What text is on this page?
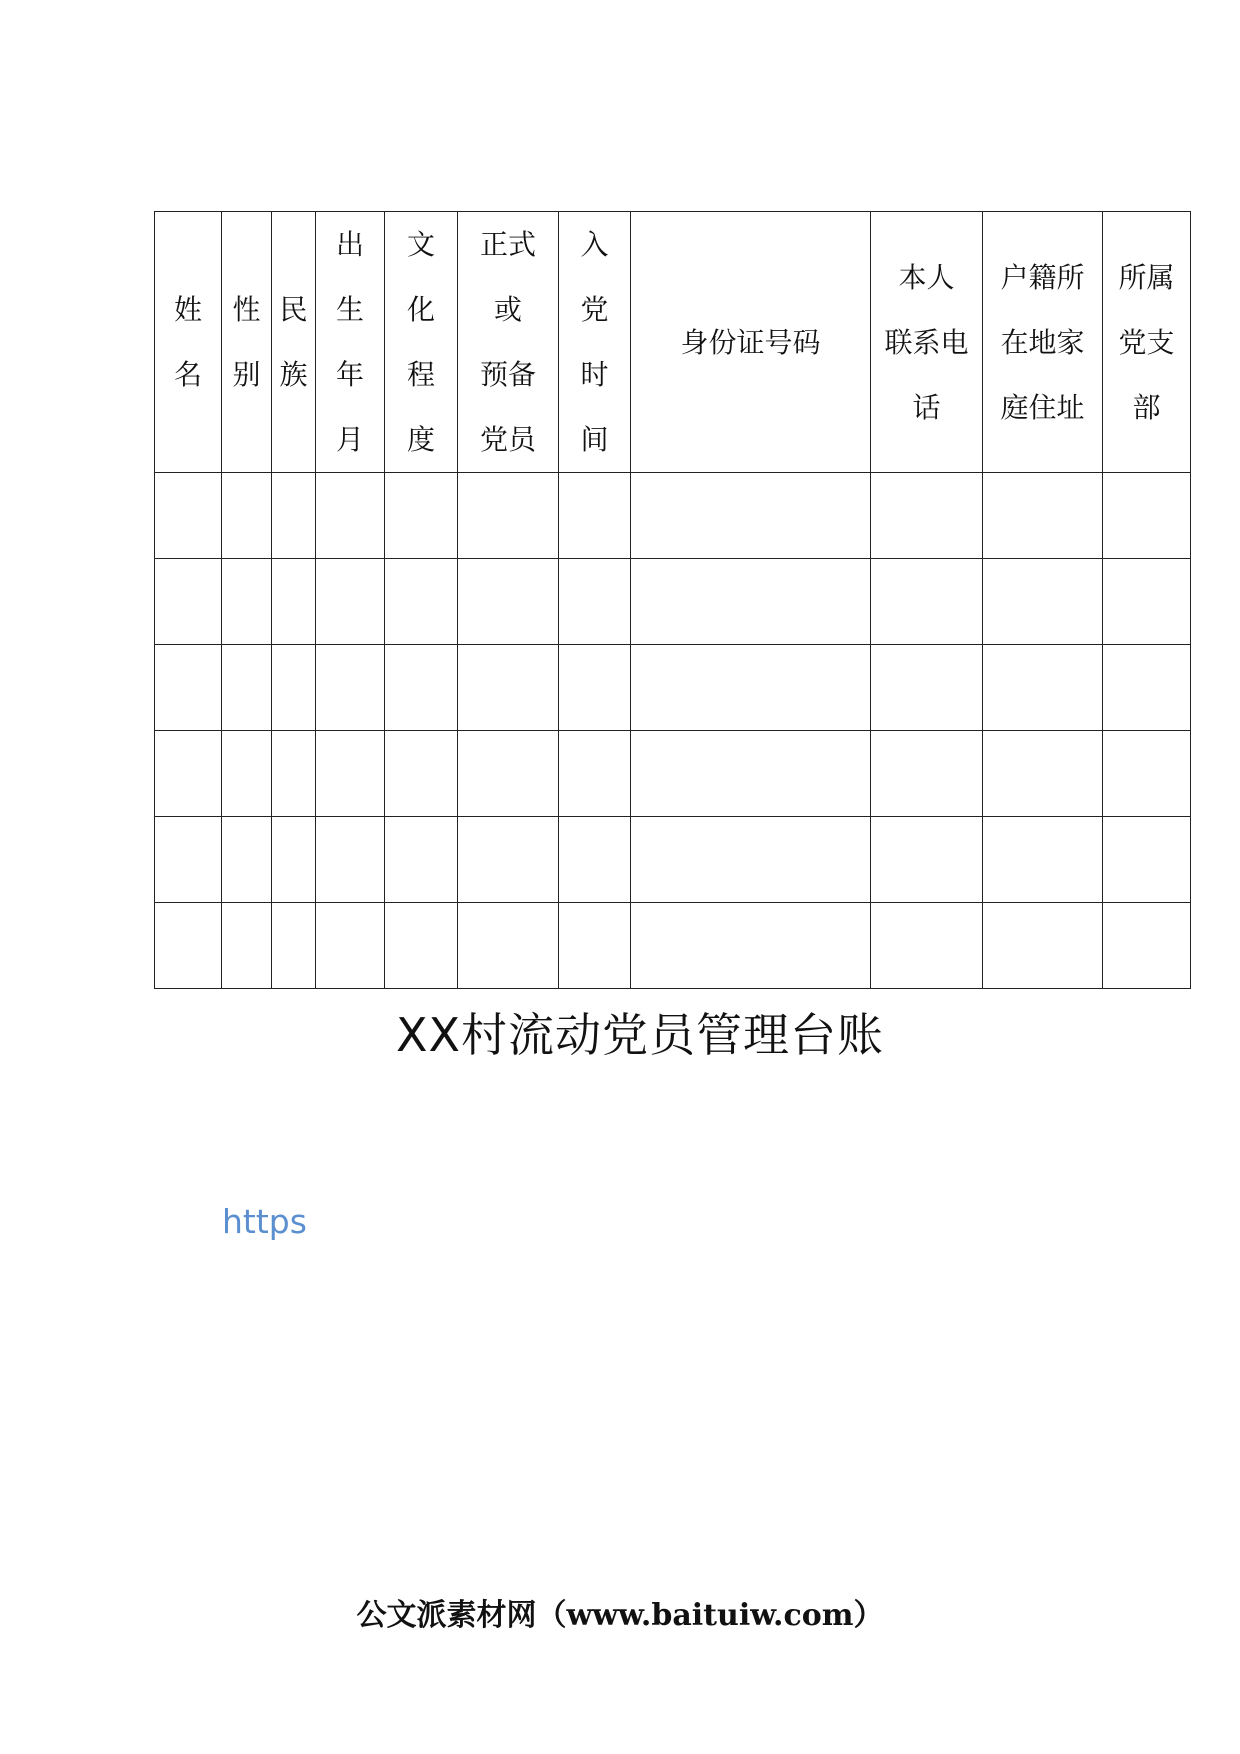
姓
名	性
别	民
族	出
生
年
月	文
化
程
度	正式
或
预备
党员	入
党
时
间	身份证号码	本人
联系电
话	户籍所
在地家
庭住址	所属
党支
部

XX村流动党员管理台账
https
公文派素材网（www.baituiw.com）
